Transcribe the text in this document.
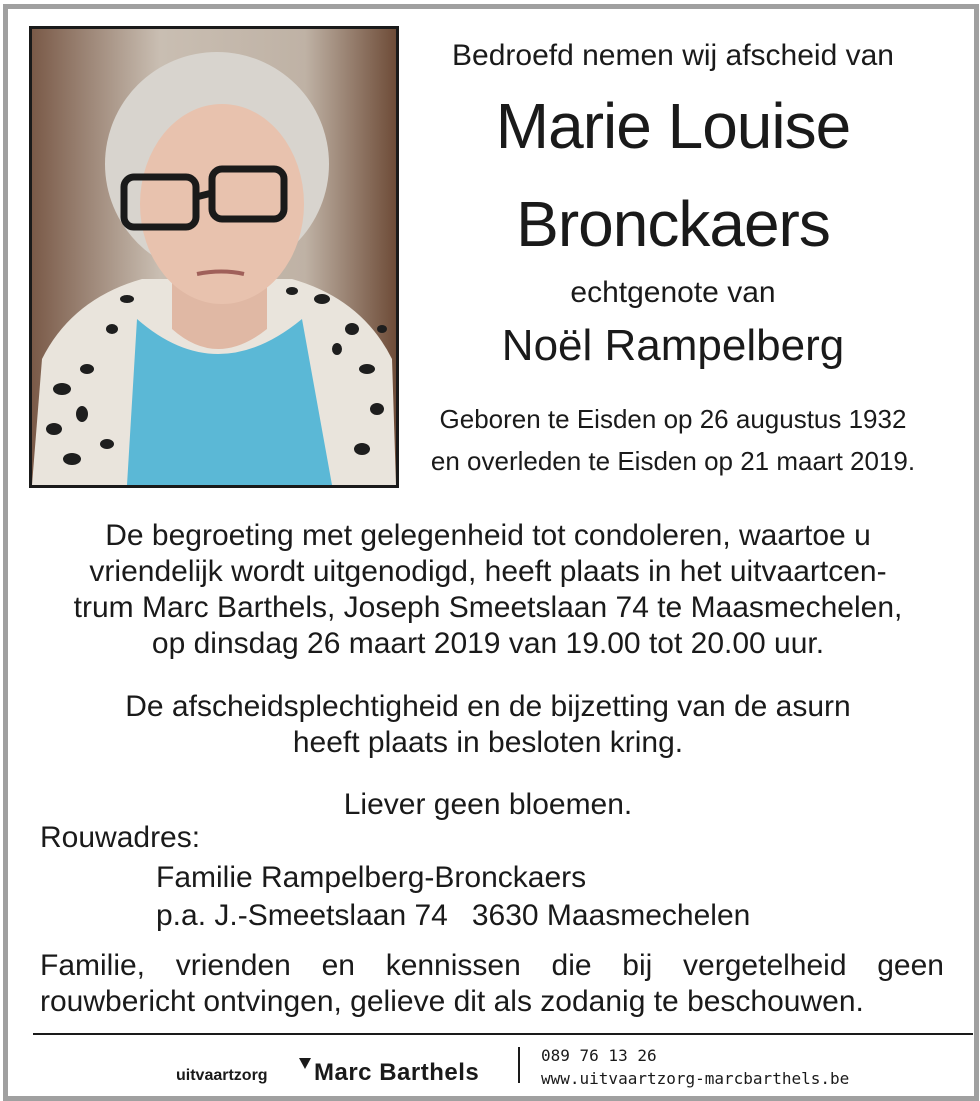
Bedroefd nemen wij afscheid van
Marie Louise
Bronckaers
echtgenote van
Noël Rampelberg
Geboren te Eisden op 26 augustus 1932
en overleden te Eisden op 21 maart 2019.
De begroeting met gelegenheid tot condoleren, waartoe u
vriendelijk wordt uitgenodigd, heeft plaats in het uitvaartcen-
trum Marc Barthels, Joseph Smeetslaan 74 te Maasmechelen,
op dinsdag 26 maart 2019 van 19.00 tot 20.00 uur.
De afscheidsplechtigheid en de bijzetting van de asurn
heeft plaats in besloten kring.
Liever geen bloemen.
Rouwadres:
Familie Rampelberg-Bronckaers
p.a. J.-Smeetslaan 74 3630 Maasmechelen
Familie, vrienden en kennissen die bij vergetelheid geen
rouwbericht ontvingen, gelieve dit als zodanig te beschouwen.
uitvaartzorg Marc Barthels
089 76 13 26
www.uitvaartzorg-marcbarthels.be
